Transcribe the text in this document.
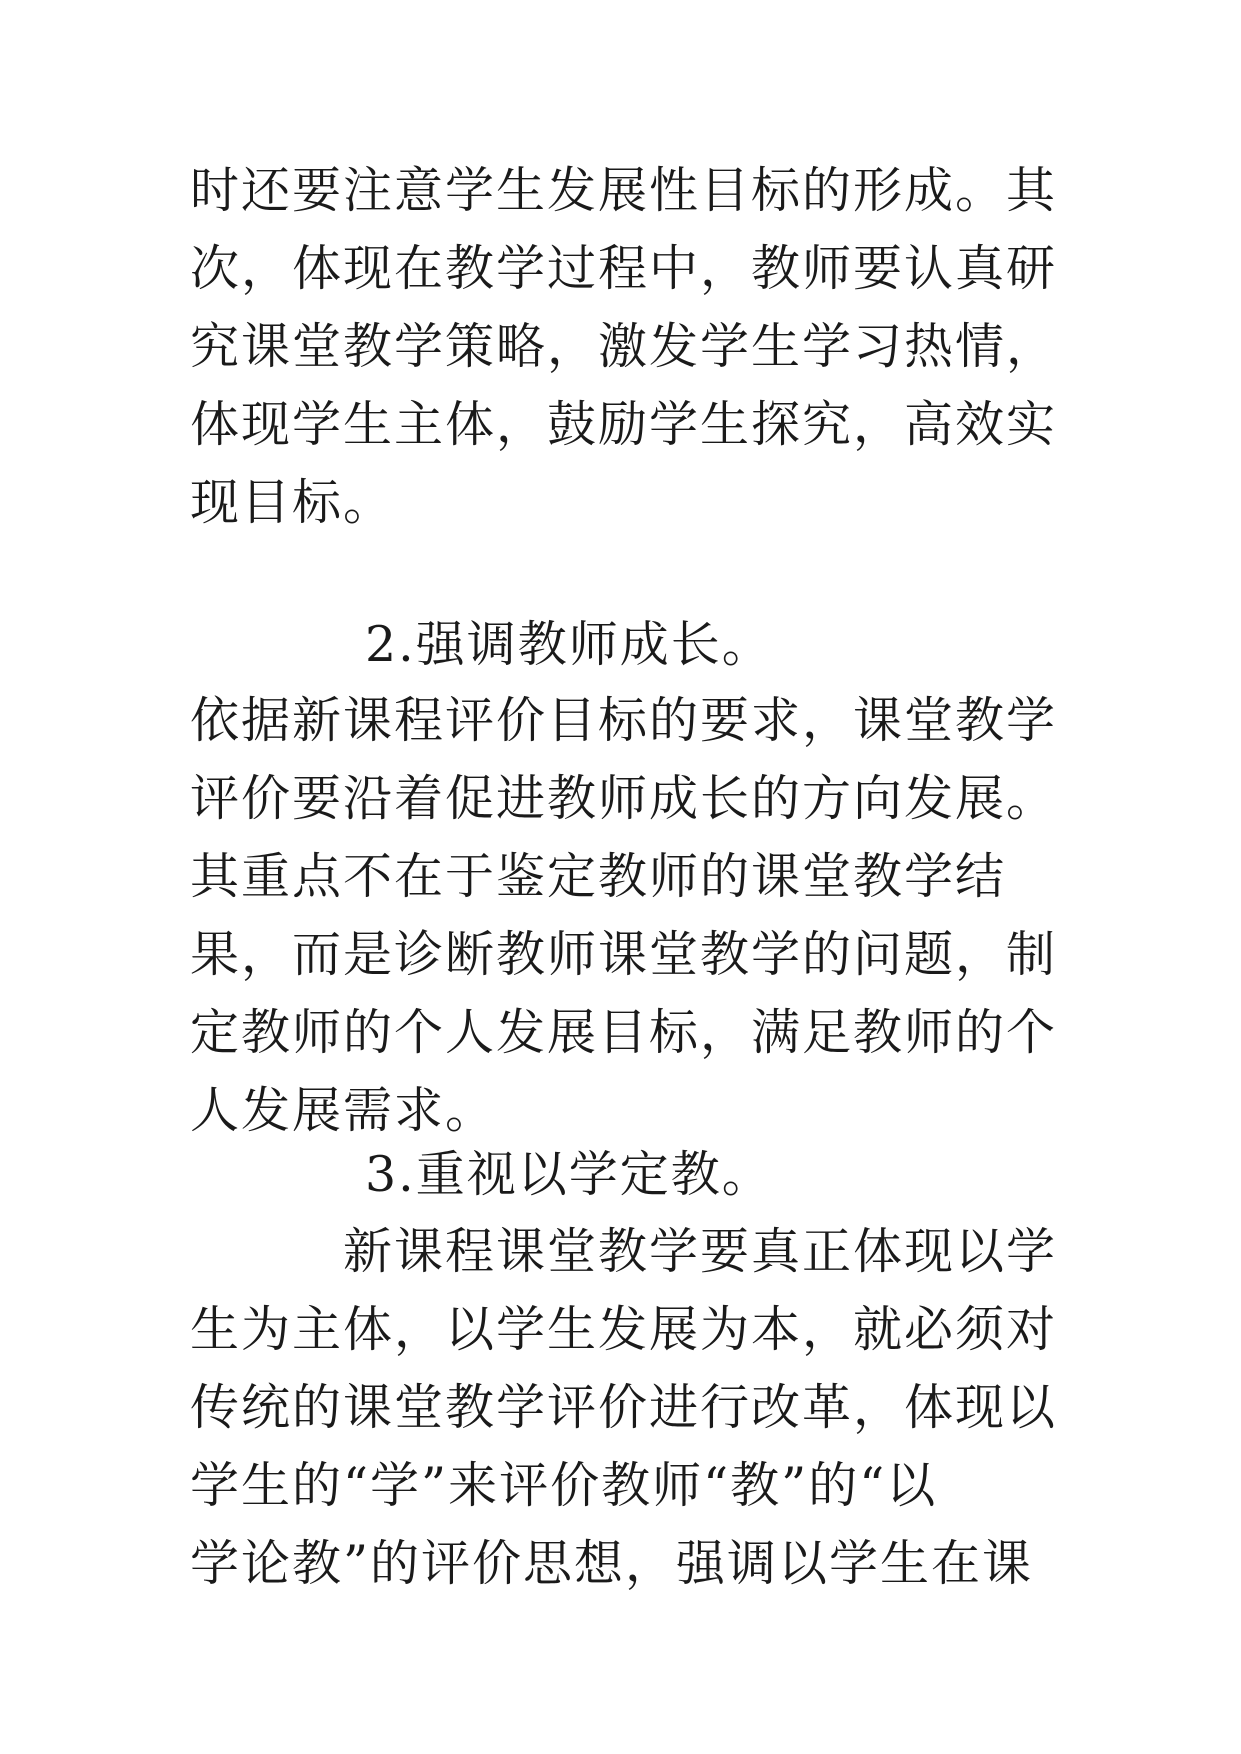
时还要注意学生发展性目标的形成。其
次，体现在教学过程中，教师要认真研
究课堂教学策略，激发学生学习热情，
体现学生主体，鼓励学生探究，高效实
现目标。
2.强调教师成长。
依据新课程评价目标的要求，课堂教学
评价要沿着促进教师成长的方向发展。
其重点不在于鉴定教师的课堂教学结
果，而是诊断教师课堂教学的问题，制
定教师的个人发展目标，满足教师的个
人发展需求。
3.重视以学定教。
　　　新课程课堂教学要真正体现以学
生为主体，以学生发展为本，就必须对
传统的课堂教学评价进行改革，体现以
学生的“学”来评价教师“教”的“以
学论教”的评价思想，强调以学生在课
